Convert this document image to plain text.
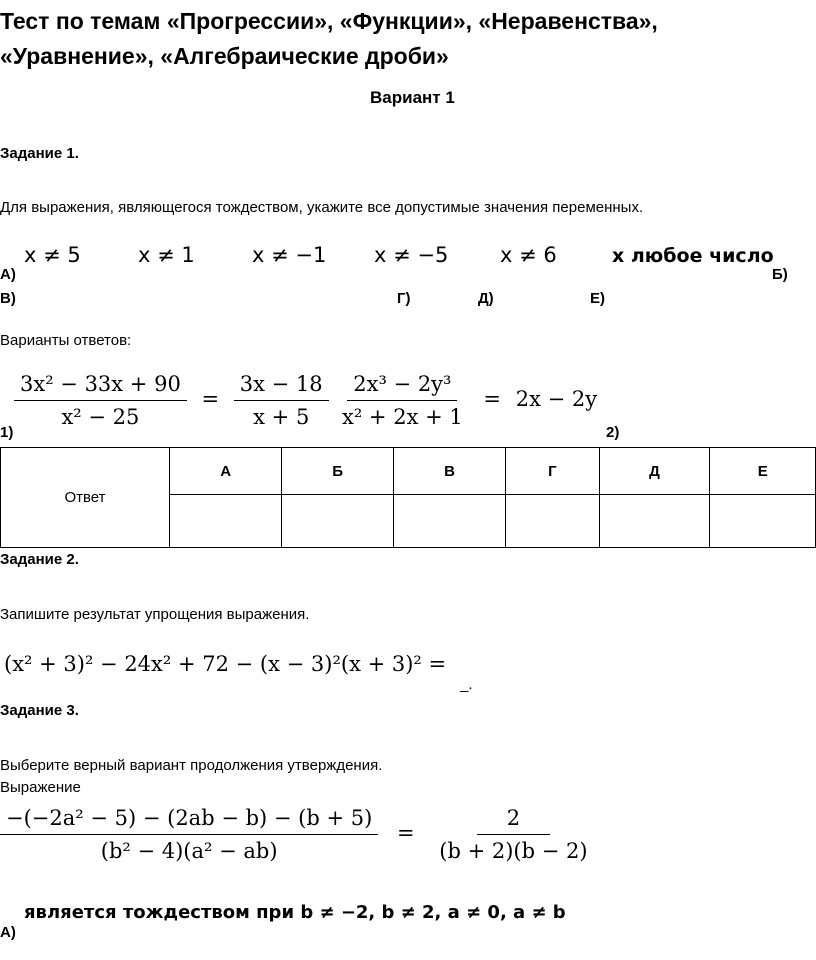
Тест по темам «Прогрессии», «Функции», «Неравенства», «Уравнение», «Алгебраические дроби»
Вариант 1
Задание 1.
Для выражения, являющегося тождеством, укажите все допустимые значения переменных.
x ≠ 5	x ≠ 1	x ≠ −1 x ≠ −5 x ≠ 6	х любое число
А)	Б)
В)	Г)	Д)	Е)
Варианты ответов:
$\frac{\text{3x² − 33x + 90}}{\text{x² − 25}} = \frac{3x - 18}{x + 5}$
1)
$\frac{\text{2x³ − 2y³}}{\text{x² + 2x + 1}} = 2x - 2y$
2)
Ответ	А	Б	В	Г	Д	Е

Задание 2.
Запишите результат упрощения выражения.
(x² + 3)² − 24x² + 72 − (x − 3)²(x + 3)² =
_.
Задание 3.
Выберите верный вариант продолжения утверждения.
Выражение
$\frac{\text{−(−2a² − 5) − (2ab − b) − (b + 5)}}{\text{(b² − 4)(a² − ab)}} = \frac{2}{(b + 2)(b - 2)}$
является тождеством при b ≠ −2, b ≠ 2, a ≠ 0, a ≠ b
А)
